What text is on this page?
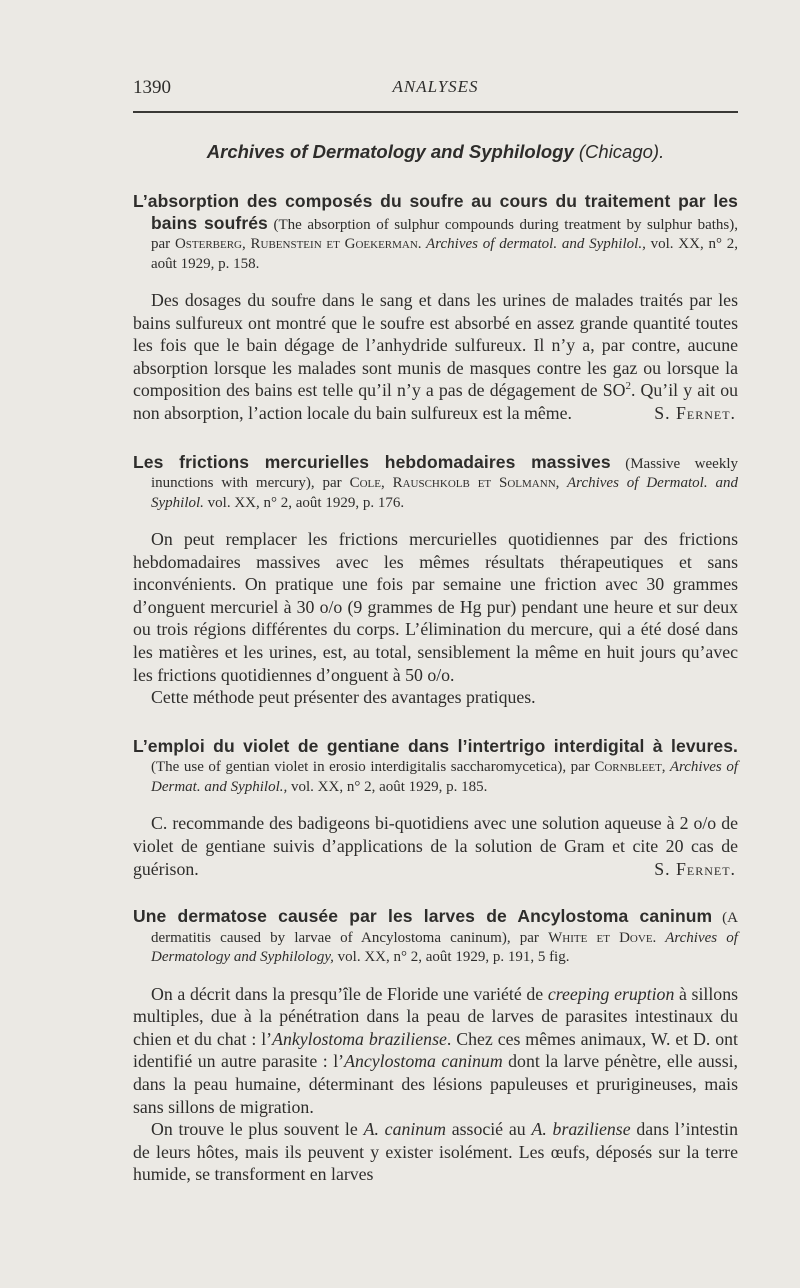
1390	ANALYSES
Archives of Dermatology and Syphilology (Chicago).

L’absorption des composés du soufre au cours du traitement par les bains soufrés (The absorption of sulphur compounds during treatment by sulphur baths), par Osterberg, Rubenstein et Goekerman. Archives of dermatol. and Syphilol., vol. XX, n° 2, août 1929, p. 158.

Des dosages du soufre dans le sang et dans les urines de malades traités par les bains sulfureux ont montré que le soufre est absorbé en assez grande quantité toutes les fois que le bain dégage de l’anhydride sulfureux. Il n’y a, par contre, aucune absorption lorsque les malades sont munis de masques contre les gaz ou lorsque la composition des bains est telle qu’il n’y a pas de dégagement de $SO^2$. Qu’il y ait ou non absorption, l’action locale du bain sulfureux est la même.	S. Fernet.

Les frictions mercurielles hebdomadaires massives (Massive weekly inunctions with mercury), par Cole, Rauschkolb et Solmann, Archives of Dermatol. and Syphilol. vol. XX, n° 2, août 1929, p. 176.

On peut remplacer les frictions mercurielles quotidiennes par des frictions hebdomadaires massives avec les mêmes résultats thérapeutiques et sans inconvénients. On pratique une fois par semaine une friction avec 30 grammes d’onguent mercuriel à 30 o/o (9 grammes de Hg pur) pendant une heure et sur deux ou trois régions différentes du corps. L’élimination du mercure, qui a été dosé dans les matières et les urines, est, au total, sensiblement la même en huit jours qu’avec les frictions quotidiennes d’onguent à 50 o/o.

Cette méthode peut présenter des avantages pratiques.

L’emploi du violet de gentiane dans l’intertrigo interdigital à levures. (The use of gentian violet in erosio interdigitalis saccharomycetica), par Cornbleet, Archives of Dermat. and Syphilol., vol. XX, n° 2, août 1929, p. 185.

C. recommande des badigeons bi-quotidiens avec une solution aqueuse à 2 o/o de violet de gentiane suivis d’applications de la solution de Gram et cite 20 cas de guérison.	S. Fernet.

Une dermatose causée par les larves de Ancylostoma caninum (A dermatitis caused by larvae of Ancylostoma caninum), par White et Dove. Archives of Dermatology and Syphilology, vol. XX, n° 2, août 1929, p. 191, 5 fig.

On a décrit dans la presqu’île de Floride une variété de creeping eruption à sillons multiples, due à la pénétration dans la peau de larves de parasites intestinaux du chien et du chat : l’Ankylostoma braziliense. Chez ces mêmes animaux, W. et D. ont identifié un autre parasite : l’Ancylostoma caninum dont la larve pénètre, elle aussi, dans la peau humaine, déterminant des lésions papuleuses et prurigineuses, mais sans sillons de migration.

On trouve le plus souvent le A. caninum associé au A. braziliense dans l’intestin de leurs hôtes, mais ils peuvent y exister isolément. Les œufs, déposés sur la terre humide, se transforment en larves
